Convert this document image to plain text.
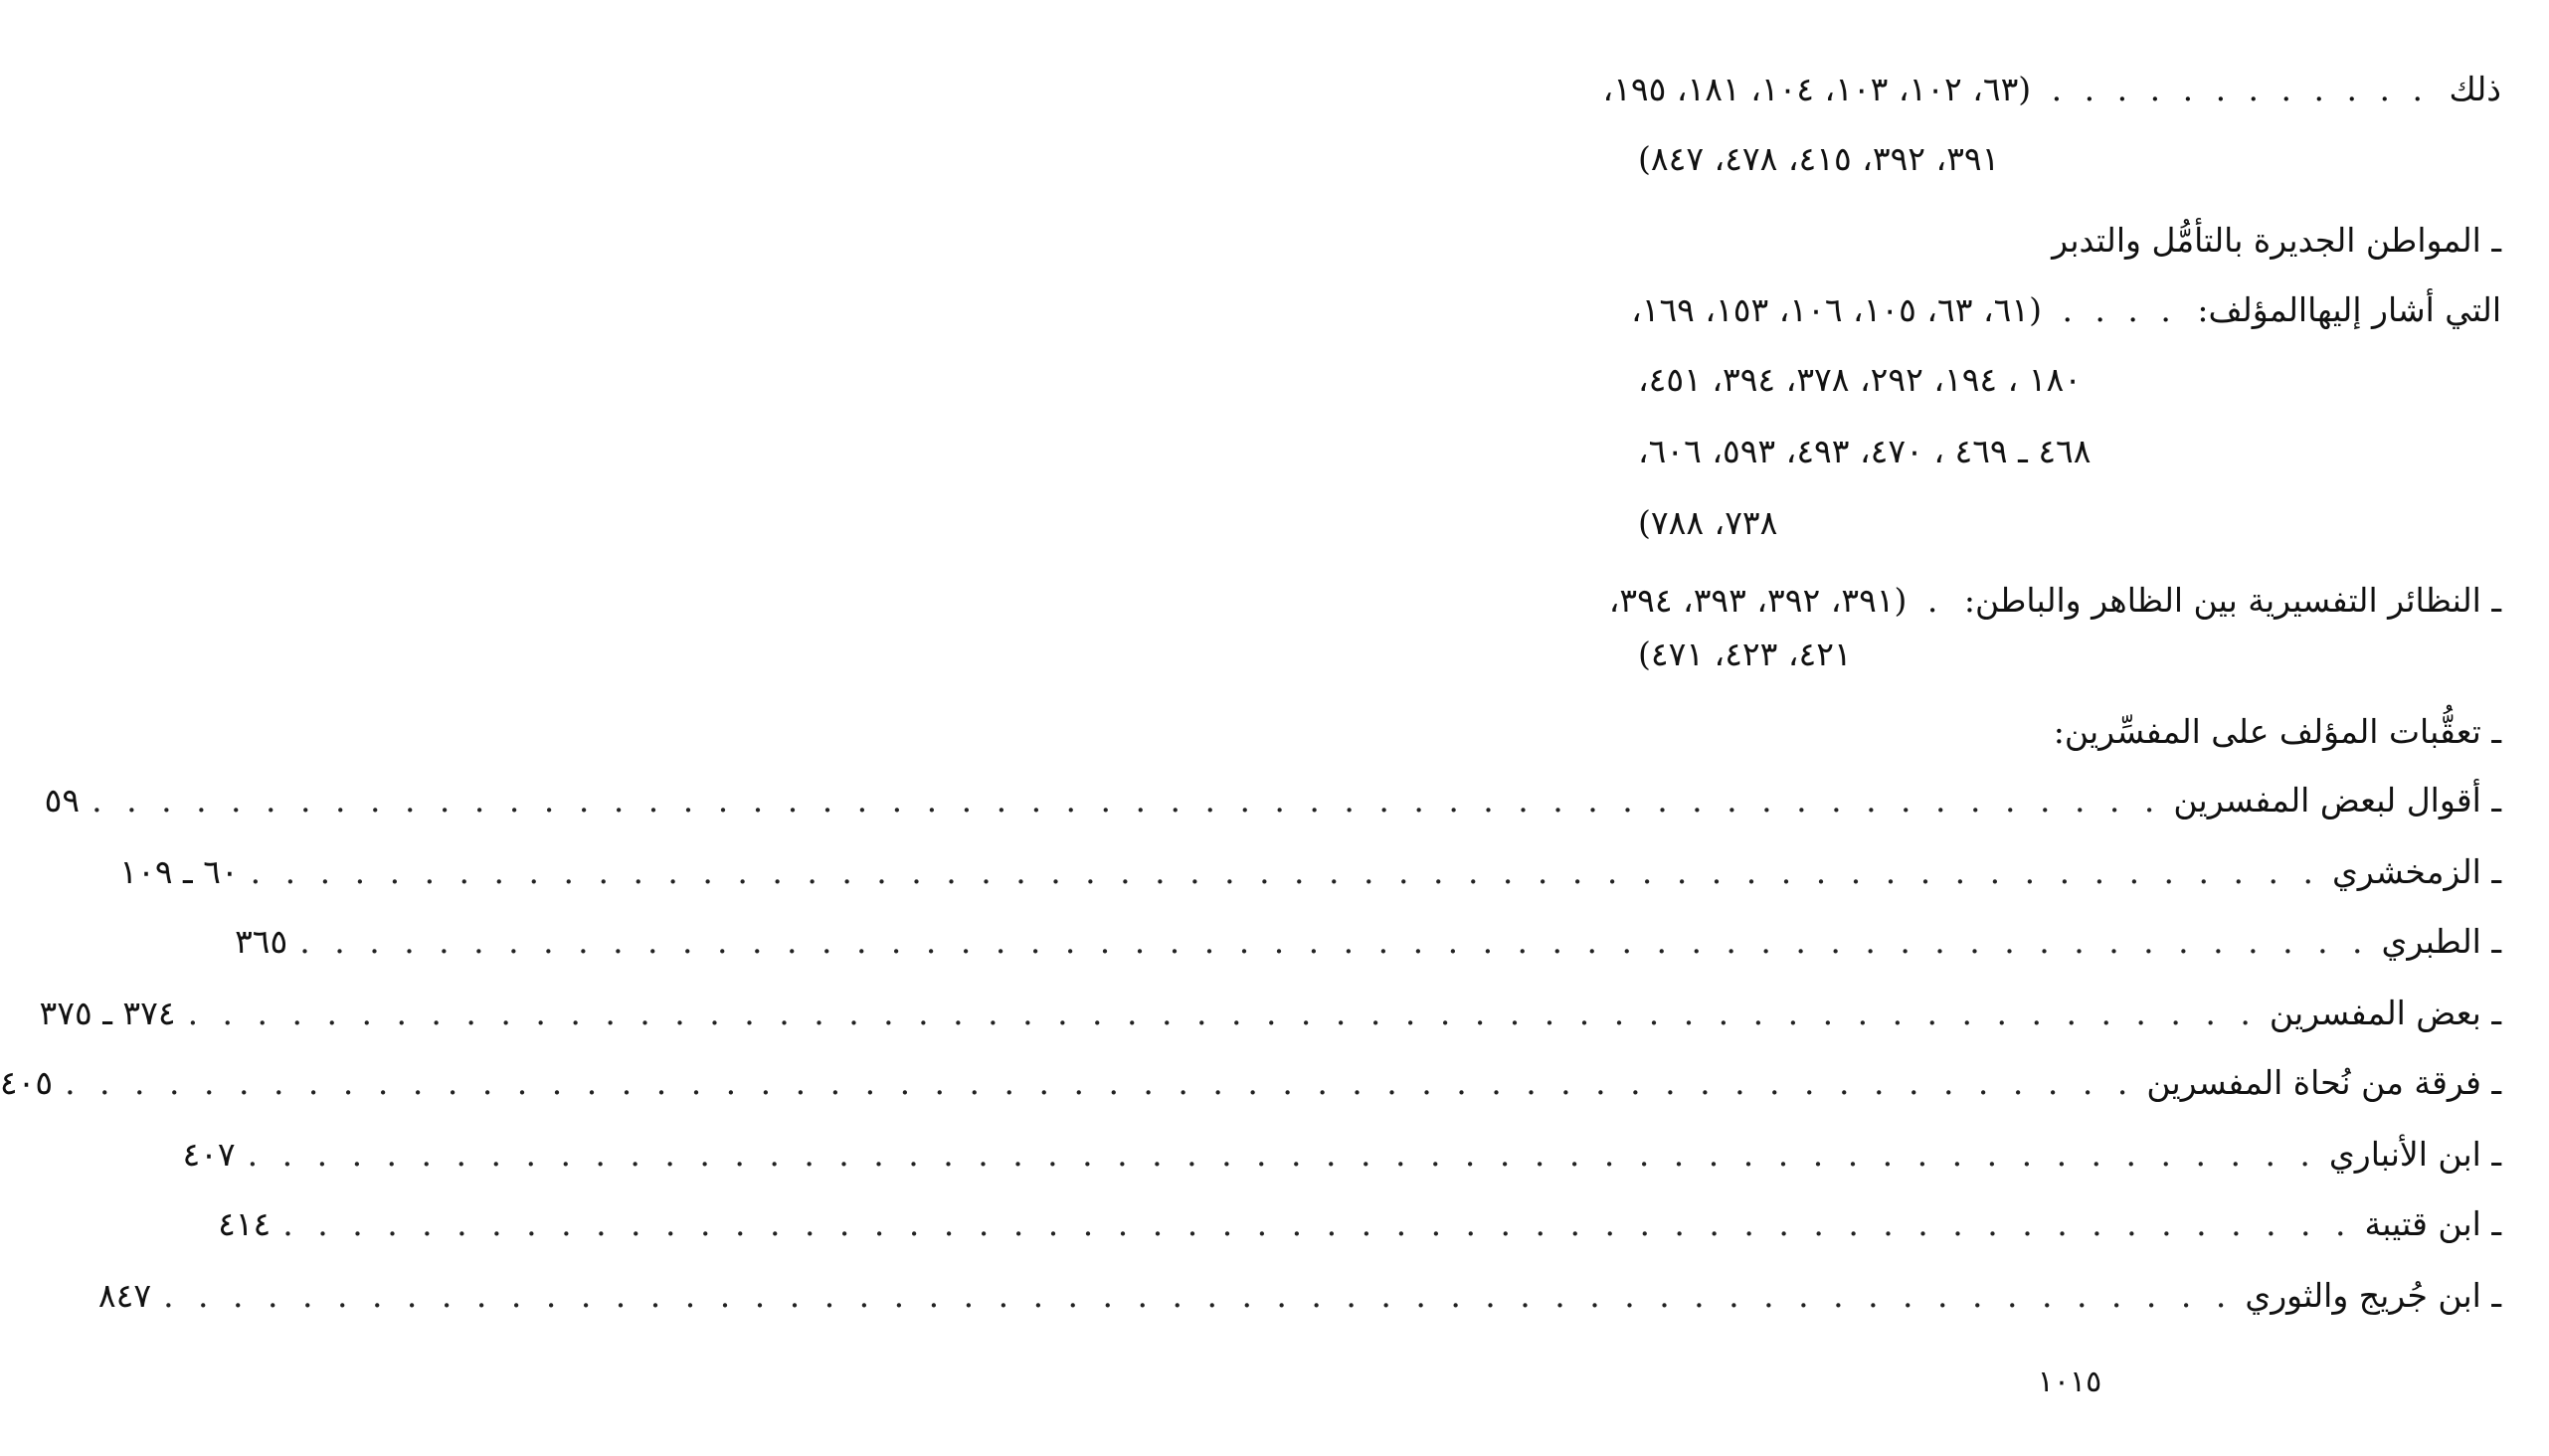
ذلك . . . . . . . . . . . . (٦٣، ١٠٢، ١٠٣، ١٠٤، ١٨١، ١٩٥،
٣٩١، ٣٩٢، ٤١٥، ٤٧٨، ٨٤٧)
ـ المواطن الجديرة بالتأمُّل والتدبر
التي أشار إليهاالمؤلف: . . . . (٦١، ٦٣، ١٠٥، ١٠٦، ١٥٣، ١٦٩،
١٨٠ ، ١٩٤، ٢٩٢، ٣٧٨، ٣٩٤، ٤٥١،
٤٦٨ ـ ٤٦٩ ، ٤٧٠، ٤٩٣، ٥٩٣، ٦٠٦،
٧٣٨، ٧٨٨)
ـ النظائر التفسيرية بين الظاهر والباطن: . (٣٩١، ٣٩٢، ٣٩٣، ٣٩٤،
٤٢١، ٤٢٣، ٤٧١)
ـ تعقُّبات المؤلف على المفسِّرين:
ـ أقوال لبعض المفسرين
. . . . . . . . . . . . . . . . . . . . . . . . . . . . . . . . . . . . . . . . . . . . . . . . . . . . . . . . . . . .
٥٩
ـ الزمخشري
. . . . . . . . . . . . . . . . . . . . . . . . . . . . . . . . . . . . . . . . . . . . . . . . . . . . . . . . . . . .
٦٠ ـ ١٠٩
ـ الطبري
. . . . . . . . . . . . . . . . . . . . . . . . . . . . . . . . . . . . . . . . . . . . . . . . . . . . . . . . . . . .
٣٦٥
ـ بعض المفسرين
. . . . . . . . . . . . . . . . . . . . . . . . . . . . . . . . . . . . . . . . . . . . . . . . . . . . . . . . . . . .
٣٧٤ ـ ٣٧٥
ـ فرقة من نُحاة المفسرين
. . . . . . . . . . . . . . . . . . . . . . . . . . . . . . . . . . . . . . . . . . . . . . . . . . . . . . . . . . . .
٤٠٥
ـ ابن الأنباري
. . . . . . . . . . . . . . . . . . . . . . . . . . . . . . . . . . . . . . . . . . . . . . . . . . . . . . . . . . . .
٤٠٧
ـ ابن قتيبة
. . . . . . . . . . . . . . . . . . . . . . . . . . . . . . . . . . . . . . . . . . . . . . . . . . . . . . . . . . . .
٤١٤
ـ ابن جُريج والثوري
. . . . . . . . . . . . . . . . . . . . . . . . . . . . . . . . . . . . . . . . . . . . . . . . . . . . . . . . . . . .
٨٤٧
١٠١٥
